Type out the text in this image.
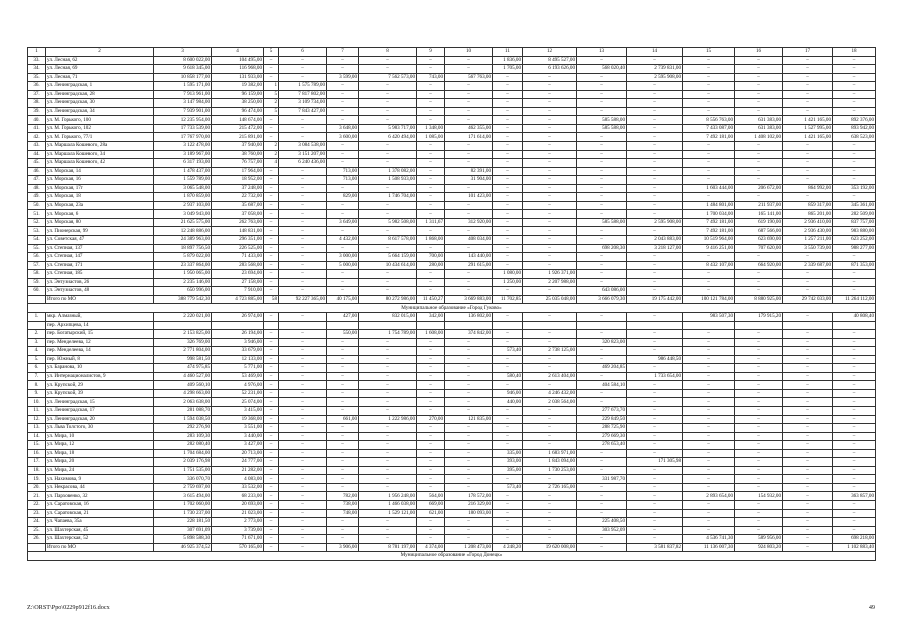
1	2	3	4	5	6	7	8	9	10	11	12	13	14	15	16	17	18
33.	ул. Лесная, 62	8 600 022,00	104 495,00	–	–	–	–	–	–	1 836,00	8 495 527,00	–	–	–	–	–	–
34.	ул. Лесная, 69	9 618 345,00	116 968,00	–	–	–	–	–	–	1 705,00	6 193 626,00	568 020,40	2 739 831,00	–	–	–	–
35.	ул. Лесная, 71	10 858 177,00	131 933,00	–	–	3 599,00	7 562 573,00	743,00	567 763,00	–	–	–	2 595 908,00	–	–	–	–
36.	ул. Ленинградская, 1	1 595 171,00	19 382,00	1	1 575 789,00	–	–	–	–	–	–	–	–	–	–	–	–
37.	ул. Ленинградская, 28	7 913 961,00	96 159,00	5	7 817 802,00	–	–	–	–	–	–	–	–	–	–	–	–
38.	ул. Ленинградская, 30	3 147 984,00	38 250,00	2	3 109 734,00	–	–	–	–	–	–	–	–	–	–	–	–
39.	ул. Ленинградская, 34	7 939 901,00	96 474,00	5	7 843 427,00	–	–	–	–	–	–	–	–	–	–	–	–
40.	ул. М. Горького, 100	12 235 954,00	148 674,00	–	–	–	–	–	–	–	–	585 588,00	–	8 556 763,00	631 383,00	1 421 165,00	892 376,00
41.	ул. М. Горького, 102	17 733 539,00	215 472,00	–	–	3 648,00	5 983 717,00	1 348,00	462 355,00	–	–	585 588,00	–	7 433 087,00	631 383,00	1 527 995,00	893 942,00
42.	ул. М. Горького, 77/1	17 767 970,00	215 891,00	–	–	3 600,00	6 420 494,00	1 085,00	171 614,00	–	–	–	–	7 492 181,00	1 408 102,00	1 421 165,00	638 523,00
43.	ул. Маршала Кошевого, 28а	3 122 478,00	37 940,00	2	3 084 538,00	–	–	–	–	–	–	–	–	–	–	–	–
44.	ул. Маршала Кошевого, 34	3 189 967,00	38 760,00	2	3 151 207,00	–	–	–	–	–	–	–	–	–	–	–	–
45.	ул. Маршала Кошевого, 42	6 317 193,00	76 757,00	4	6 240 436,00	–	–	–	–	–	–	–	–	–	–	–	–
46.	ул. Морская, 14	1 478 437,00	17 964,00	–	–	713,00	1 378 082,00	–	82 391,00	–	–	–	–	–	–	–	–
47.	ул. Морская, 16	1 559 789,00	18 952,00	–	–	713,00	1 508 933,00	–	31 904,00	–	–	–	–	–	–	–	–
48.	ул. Морская, 17г	3 065 548,00	37 248,00	–	–	–	–	–	–	–	–	–	–	1 603 444,00	206 672,00	864 992,00	353 192,00
49.	ул. Морская, 18	1 870 859,00	22 732,00	–	–	829,00	1 746 704,00	–	101 423,00	–	–	–	–	–	–	–	–
50.	ул. Морская, 23а	2 937 103,00	35 687,00	–	–	–	–	–	–	–	–	–	–	1 484 801,00	211 937,00	859 317,00	345 361,00
51.	ул. Морская, 6	3 049 943,00	37 058,00	–	–	–	–	–	–	–	–	–	–	1 700 034,00	165 141,00	865 201,00	282 509,00
52.	ул. Морская, 80	21 625 575,00	262 763,00	–	–	3 649,00	5 982 508,00	1 311,67	312 920,00	–	–	585 588,00	2 595 908,00	7 492 181,00	619 190,00	2 936 410,00	837 757,00
53.	ул. Пионерская, 99	12 248 886,00	148 831,00	–	–	–	–	–	–	–	–	–	–	7 492 181,00	687 566,00	2 936 430,00	983 880,00
54.	ул. Советская, 47	24 389 963,00	296 351,00	–	–	4 432,00	8 617 578,00	1 868,00	408 034,00	–	–	–	2 043 883,00	10 519 964,00	623 690,00	1 257 211,00	623 252,00
55.	ул. Степная, 137	18 897 756,50	226 525,00	–	–	–	–	–	–	–	–	698 208,30	3 218 127,00	9 416 251,00	707 620,00	3 550 739,00	988 277,00
56.	ул. Степная, 147	5 879 022,00	71 433,00	–	–	3 000,00	5 664 159,00	700,00	143 440,00	–	–	–	–	–	–	–	–
57.	ул. Степная, 171	23 337 864,00	283 568,00	–	–	5 000,00	10 434 614,00	280,00	291 615,00	–	–	–	–	8 432 107,00	664 920,00	2 339 687,00	871 353,00
58.	ул. Степная, 185	1 950 065,00	23 694,00	–	–	–	–	–	–	1 080,00	1 926 371,00	–	–	–	–	–	–
59.	ул. Энтузиастов, 26	2 235 146,00	27 158,00	–	–	–	–	–	–	1 250,00	2 207 988,00	–	–	–	–	–	–
60.	ул. Энтузиастов, 48	650 996,00	7 910,00	–	–	–	–	–	–	–	–	643 086,00	–	–	–	–	–
	Итого по МО	388 779 542,30	4 723 885,00	58	92 227 365,00	40 175,00	80 272 986,00	11 450,27	3 669 883,00	11 702,85	25 035 048,00	3 666 079,30	19 175 442,00	100 121 784,00	8 880 925,00	29 742 033,00	11 264 112,00
Муниципальное образование «Город Гуково»																	
1.	мкр. Алмазный,	2 220 021,00	26 974,00	–	–	427,00	832 015,00	342,00	136 802,00	–	–	–	–	983 507,30	179 915,20	–	40 808,40
	пер. Архипцева, 14																
2.	пер. Богатырский, 15	2 153 825,00	26 194,00	–	–	550,00	1 754 789,00	1 608,00	374 842,00	–	–	–	–	–	–	–	–
3.	пер. Менделеева, 12	326 769,00	3 946,00	–	–	–	–	–	–	–	–	320 823,00	–	–	–	–	–
4.	пер. Менделеева, 14	2 771 804,00	33 679,00	–	–	–	–	–	–	573,40	2 738 125,00	–	–	–	–	–	–
5.	пер. Южный, 8	998 581,50	12 133,00	–	–	–	–	–	–	–	–	–	986 448,50	–	–	–	–
6.	ул. Баранова, 10	474 975,85	5 771,00	–	–	–	–	–	–	–	–	469 204,85	–	–	–	–	–
7.	ул. Интернационалистов, 9	4 460 527,00	53 469,00	–	–	–	–	–	–	580,40	2 613 404,00	–	1 733 654,00	–	–	–	–
8.	ул. Крупской, 29	409 560,10	4 976,00	–	–	–	–	–	–	–	–	404 584,10	–	–	–	–	–
9.	ул. Крупской, 39	4 298 663,00	52 231,00	–	–	–	–	–	–	946,00	4 246 432,00	–	–	–	–	–	–
10.	ул. Ленинградская, 15	2 063 638,00	25 074,00	–	–	–	–	–	–	440,00	2 038 564,00	–	–	–	–	–	–
11.	ул. Ленинградская, 17	281 088,70	3 415,00	–	–	–	–	–	–	–	–	277 673,70	–	–	–	–	–
12.	ул. Ленинградская, 20	1 594 038,50	19 368,00	–	–	661,00	1 222 986,00	270,00	121 835,00	–	–	229 849,50	–	–	–	–	–
13.	ул. Льва Толстого, 30	292 276,90	3 551,00	–	–	–	–	–	–	–	–	288 725,90	–	–	–	–	–
14.	ул. Мира, 10	283 109,30	3 440,00	–	–	–	–	–	–	–	–	279 669,30	–	–	–	–	–
15.	ул. Мира, 12	282 080,40	3 427,00	–	–	–	–	–	–	–	–	278 653,40	–	–	–	–	–
16.	ул. Мира, 18	1 704 684,00	20 713,00	–	–	–	–	–	–	335,00	1 683 971,00	–	–	–	–	–	–
17.	ул. Мира, 20	2 039 176,98	24 777,00	–	–	–	–	–	–	393,00	1 843 094,00	–	171 305,98	–	–	–	–
18.	ул. Мира, 24	1 751 535,00	21 282,00	–	–	–	–	–	–	395,00	1 730 253,00	–	–	–	–	–	–
19.	ул. Нахимова, 9	336 070,70	4 083,00	–	–	–	–	–	–	–	–	331 987,70	–	–	–	–	–
20.	ул. Некрасова, 44	2 759 697,00	33 532,00	–	–	–	–	–	–	573,40	2 726 165,00	–	–	–	–	–	–
21.	ул. Парховенко, 32	3 615 494,00	68 233,00	–	–	782,00	1 956 248,00	564,00	178 572,00	–	–	–	–	2 893 654,00	154 932,00	–	363 857,00
22.	ул. Саратовская, 16	1 702 060,00	20 693,00	–	–	738,00	1 466 038,00	669,00	216 329,00	–	–	–	–	–	–	–	–
23.	ул. Саратовская, 21	1 730 237,00	21 023,00	–	–	748,00	1 529 121,00	621,00	180 093,00	–	–	–	–	–	–	–	–
24.	ул. Чапаева, 35а	228 181,50	2 773,00	–	–	–	–	–	–	–	–	225 408,50	–	–	–	–	–
25.	ул. Шахтерская, 45	307 691,09	3 739,00	–	–	–	–	–	–	–	–	303 952,09	–	–	–	–	–
26.	ул. Шахтерская, 52	5 898 588,30	71 671,00	–	–	–	–	–	–	–	–	–	–	4 536 741,30	589 956,00	–	698 218,00
	Итого по МО	46 925 374,52	570 165,00	–	–	3 906,00	8 781 197,00	4 374,00	1 208 473,00	4 248,20	19 620 008,00	–	3 581 837,82	11 136 007,30	924 803,20	–	1 102 883,40
Муниципальное образование «Город Донецк»																	
Z:\ORST\Ppo\0229p912f16.docx	49
